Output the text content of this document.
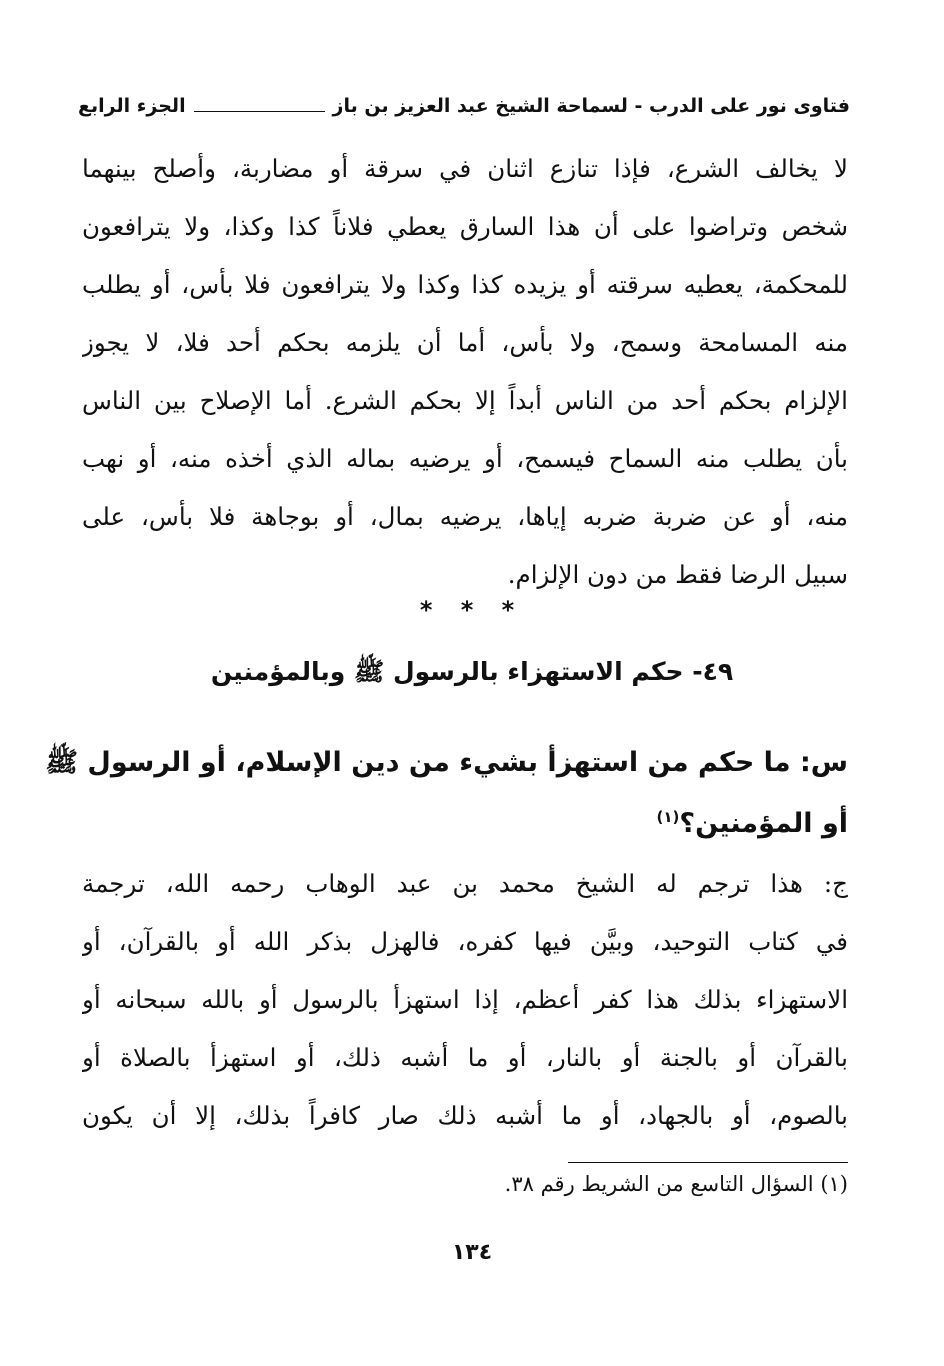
فتاوى نور على الدرب - لسماحة الشيخ عبد العزيز بن باز
الجزء الرابع
لا يخالف الشرع، فإذا تنازع اثنان في سرقة أو مضاربة، وأصلح بينهما
شخص وتراضوا على أن هذا السارق يعطي فلاناً كذا وكذا، ولا يترافعون
للمحكمة، يعطيه سرقته أو يزيده كذا وكذا ولا يترافعون فلا بأس، أو يطلب
منه المسامحة وسمح، ولا بأس، أما أن يلزمه بحكم أحد فلا، لا يجوز
الإلزام بحكم أحد من الناس أبداً إلا بحكم الشرع. أما الإصلاح بين الناس
بأن يطلب منه السماح فيسمح، أو يرضيه بماله الذي أخذه منه، أو نهب
منه، أو عن ضربة ضربه إياها، يرضيه بمال، أو بوجاهة فلا بأس، على
سبيل الرضا فقط من دون الإلزام.
* * *
٤٩- حكم الاستهزاء بالرسول ﷺ وبالمؤمنين
س: ما حكم من استهزأ بشيء من دين الإسلام، أو الرسول ﷺ
أو المؤمنين؟$^{(١)}$
ج: هذا ترجم له الشيخ محمد بن عبد الوهاب رحمه الله، ترجمة
في كتاب التوحيد، وبيَّن فيها كفره، فالهزل بذكر الله أو بالقرآن، أو
الاستهزاء بذلك هذا كفر أعظم، إذا استهزأ بالرسول أو بالله سبحانه أو
بالقرآن أو بالجنة أو بالنار، أو ما أشبه ذلك، أو استهزأ بالصلاة أو
بالصوم، أو بالجهاد، أو ما أشبه ذلك صار كافراً بذلك، إلا أن يكون
(١) السؤال التاسع من الشريط رقم ٣٨.
١٣٤
